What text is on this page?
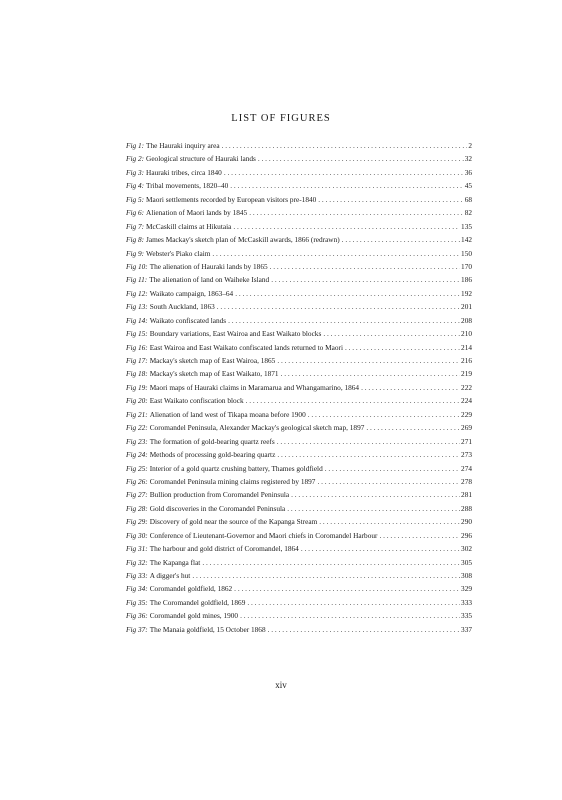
LIST OF FIGURES
Fig 1: The Hauraki inquiry area . . .	2
Fig 2: Geological structure of Hauraki lands . . .	32
Fig 3: Hauraki tribes, circa 1840 . . .	36
Fig 4: Tribal movements, 1820–40 . . .	45
Fig 5: Maori settlements recorded by European visitors pre-1840 . . .	68
Fig 6: Alienation of Maori lands by 1845 . . .	82
Fig 7: McCaskill claims at Hikutaia . . .	135
Fig 8: James Mackay's sketch plan of McCaskill awards, 1866 (redrawn) . . .	142
Fig 9: Webster's Piako claim . . .	150
Fig 10: The alienation of Hauraki lands by 1865 . . .	170
Fig 11: The alienation of land on Waiheke Island . . .	186
Fig 12: Waikato campaign, 1863–64 . . .	192
Fig 13: South Auckland, 1863 . . .	201
Fig 14: Waikato confiscated lands . . .	208
Fig 15: Boundary variations, East Wairoa and East Waikato blocks . . .	210
Fig 16: East Wairoa and East Waikato confiscated lands returned to Maori . . .	214
Fig 17: Mackay's sketch map of East Wairoa, 1865 . . .	216
Fig 18: Mackay's sketch map of East Waikato, 1871 . . .	219
Fig 19: Maori maps of Hauraki claims in Maramarua and Whangamarino, 1864 . . .	222
Fig 20: East Waikato confiscation block . . .	224
Fig 21: Alienation of land west of Tikapa moana before 1900 . . .	229
Fig 22: Coromandel Peninsula, Alexander Mackay's geological sketch map, 1897 . . .	269
Fig 23: The formation of gold-bearing quartz reefs . . .	271
Fig 24: Methods of processing gold-bearing quartz . . .	273
Fig 25: Interior of a gold quartz crushing battery, Thames goldfield . . .	274
Fig 26: Coromandel Peninsula mining claims registered by 1897 . . .	278
Fig 27: Bullion production from Coromandel Peninsula . . .	281
Fig 28: Gold discoveries in the Coromandel Peninsula . . .	288
Fig 29: Discovery of gold near the source of the Kapanga Stream . . .	290
Fig 30: Conference of Lieutenant-Governor and Maori chiefs in Coromandel Harbour . . .	296
Fig 31: The harbour and gold district of Coromandel, 1864 . . .	302
Fig 32: The Kapanga flat . . .	305
Fig 33: A digger's hut . . .	308
Fig 34: Coromandel goldfield, 1862 . . .	329
Fig 35: The Coromandel goldfield, 1869 . . .	333
Fig 36: Coromandel gold mines, 1900 . . .	335
Fig 37: The Manaia goldfield, 15 October 1868 . . .	337
xiv
